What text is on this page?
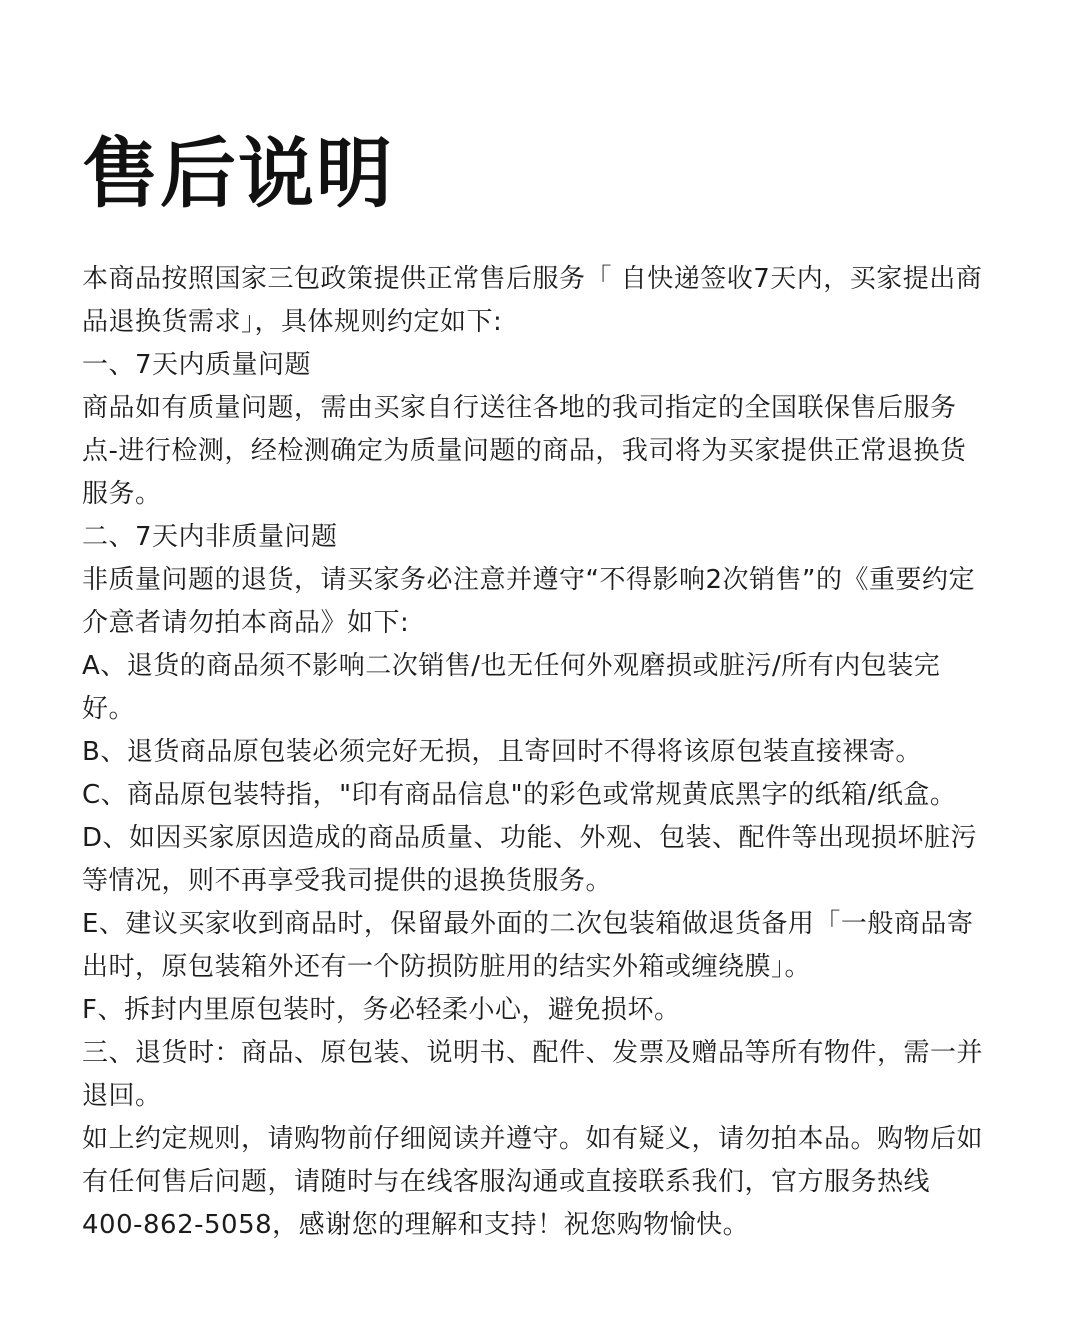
售后说明

本商品按照国家三包政策提供正常售后服务「 自快递签收7天内，买家提出商品退换货需求」，具体规则约定如下:

一、7天内质量问题

商品如有质量问题，需由买家自行送往各地的我司指定的全国联保售后服务点-进行检测，经检测确定为质量问题的商品，我司将为买家提供正常退换货服务。

二、7天内非质量问题

非质量问题的退货，请买家务必注意并遵守“不得影响2次销售”的《重要约定介意者请勿拍本商品》如下:

A、退货的商品须不影响二次销售/也无任何外观磨损或脏污/所有内包装完好。

B、退货商品原包装必须完好无损，且寄回时不得将该原包装直接裸寄。

C、商品原包装特指，"印有商品信息"的彩色或常规黄底黑字的纸箱/纸盒。

D、如因买家原因造成的商品质量、功能、外观、包装、配件等出现损坏脏污等情况，则不再享受我司提供的退换货服务。

E、建议买家收到商品时，保留最外面的二次包装箱做退货备用「一般商品寄出时，原包装箱外还有一个防损防脏用的结实外箱或缠绕膜」。

F、拆封内里原包装时，务必轻柔小心，避免损坏。

三、退货时：商品、原包装、说明书、配件、发票及赠品等所有物件，需一并退回。

如上约定规则，请购物前仔细阅读并遵守。如有疑义，请勿拍本品。购物后如有任何售后问题，请随时与在线客服沟通或直接联系我们，官方服务热线400-862-5058，感谢您的理解和支持！祝您购物愉快。
